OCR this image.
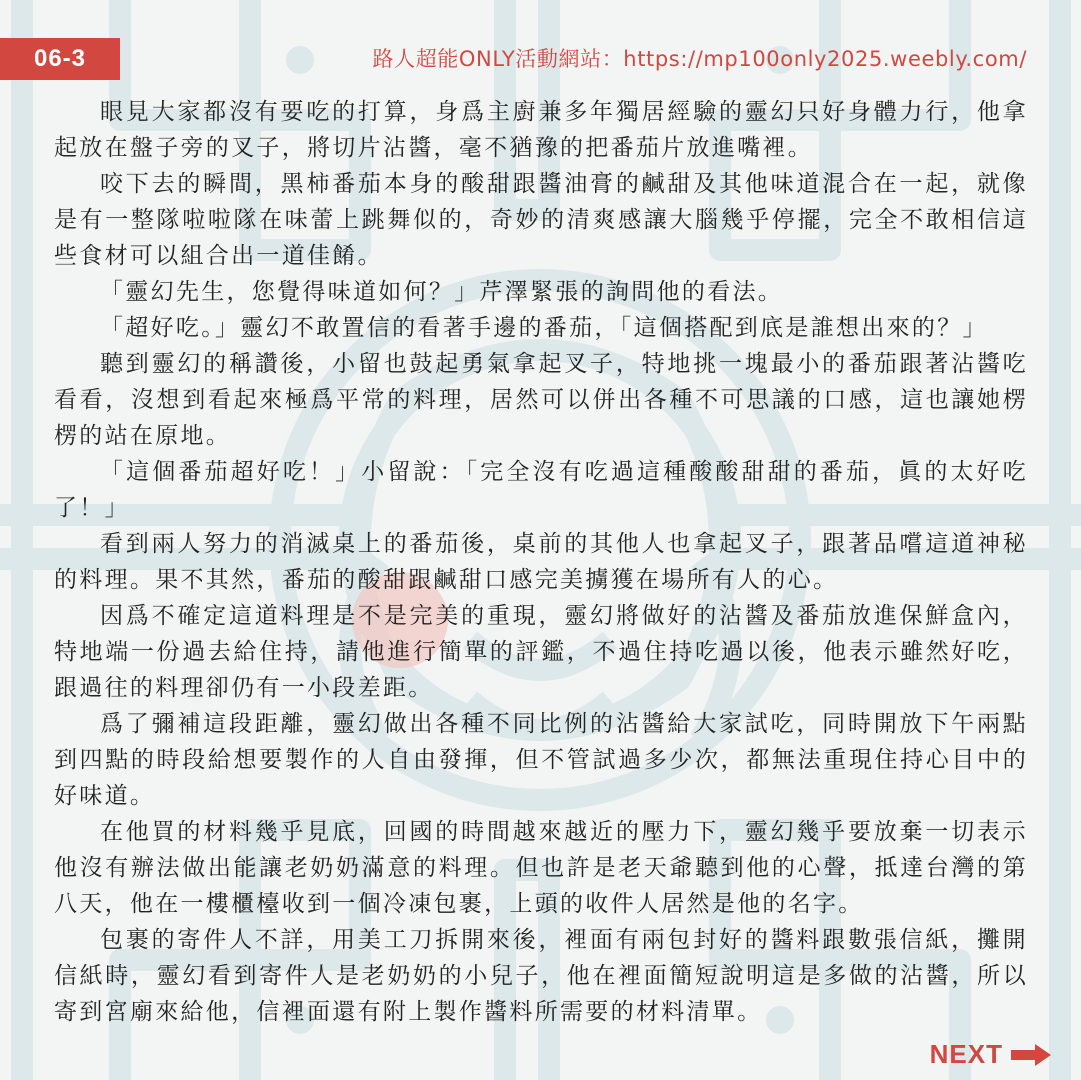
06-3	路人超能ONLY活動網站：https://mp100only2025.weebly.com/

眼見大家都沒有要吃的打算，身爲主廚兼多年獨居經驗的靈幻只好身體力行，他拿起放在盤子旁的叉子，將切片沾醬，毫不猶豫的把番茄片放進嘴裡。

咬下去的瞬間，黑柿番茄本身的酸甜跟醬油膏的鹹甜及其他味道混合在一起，就像是有一整隊啦啦隊在味蕾上跳舞似的，奇妙的清爽感讓大腦幾乎停擺，完全不敢相信這些食材可以組合出一道佳餚。

「靈幻先生，您覺得味道如何？」芹澤緊張的詢問他的看法。

「超好吃。」靈幻不敢置信的看著手邊的番茄，「這個搭配到底是誰想出來的？」

聽到靈幻的稱讚後，小留也鼓起勇氣拿起叉子，特地挑一塊最小的番茄跟著沾醬吃看看，沒想到看起來極爲平常的料理，居然可以併出各種不可思議的口感，這也讓她楞楞的站在原地。

「這個番茄超好吃！」小留說：「完全沒有吃過這種酸酸甜甜的番茄，眞的太好吃了！」

看到兩人努力的消滅桌上的番茄後，桌前的其他人也拿起叉子，跟著品嚐這道神秘的料理。果不其然，番茄的酸甜跟鹹甜口感完美擄獲在場所有人的心。

因爲不確定這道料理是不是完美的重現，靈幻將做好的沾醬及番茄放進保鮮盒內，特地端一份過去給住持，請他進行簡單的評鑑，不過住持吃過以後，他表示雖然好吃，跟過往的料理卻仍有一小段差距。

爲了彌補這段距離，靈幻做出各種不同比例的沾醬給大家試吃，同時開放下午兩點到四點的時段給想要製作的人自由發揮，但不管試過多少次，都無法重現住持心目中的好味道。

在他買的材料幾乎見底，回國的時間越來越近的壓力下，靈幻幾乎要放棄一切表示他沒有辦法做出能讓老奶奶滿意的料理。但也許是老天爺聽到他的心聲，抵達台灣的第八天，他在一樓櫃檯收到一個冷凍包裹，上頭的收件人居然是他的名字。

包裹的寄件人不詳，用美工刀拆開來後，裡面有兩包封好的醬料跟數張信紙，攤開信紙時，靈幻看到寄件人是老奶奶的小兒子，他在裡面簡短說明這是多做的沾醬，所以寄到宮廟來給他，信裡面還有附上製作醬料所需要的材料清單。

NEXT
